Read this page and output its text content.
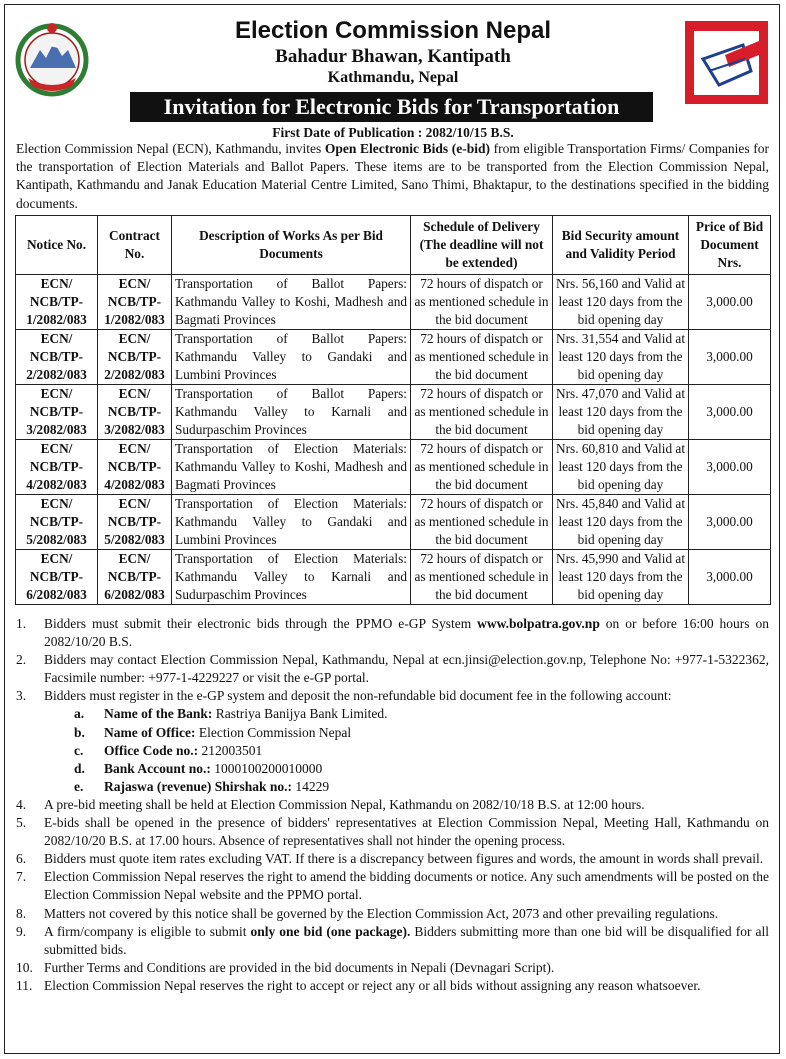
Election Commission Nepal
Bahadur Bhawan, Kantipath
Kathmandu, Nepal
Invitation for Electronic Bids for Transportation
First Date of Publication : 2082/10/15 B.S.

Election Commission Nepal (ECN), Kathmandu, invites Open Electronic Bids (e-bid) from eligible Transportation Firms/ Companies for the transportation of Election Materials and Ballot Papers. These items are to be transported from the Election Commission Nepal, Kantipath, Kathmandu and Janak Education Material Centre Limited, Sano Thimi, Bhaktapur, to the destinations specified in the bidding documents.

Notice No.	Contract No.	Description of Works As per Bid Documents	Schedule of Delivery (The deadline will not be extended)	Bid Security amount and Validity Period	Price of Bid Document Nrs.
ECN/ NCB/TP- 1/2082/083	ECN/ NCB/TP- 1/2082/083	Transportation of Ballot Papers: Kathmandu Valley to Koshi, Madhesh and Bagmati Provinces	72 hours of dispatch or as mentioned schedule in the bid document	Nrs. 56,160 and Valid at least 120 days from the bid opening day	3,000.00
ECN/ NCB/TP- 2/2082/083	ECN/ NCB/TP- 2/2082/083	Transportation of Ballot Papers: Kathmandu Valley to Gandaki and Lumbini Provinces	72 hours of dispatch or as mentioned schedule in the bid document	Nrs. 31,554 and Valid at least 120 days from the bid opening day	3,000.00
ECN/ NCB/TP- 3/2082/083	ECN/ NCB/TP- 3/2082/083	Transportation of Ballot Papers: Kathmandu Valley to Karnali and Sudurpaschim Provinces	72 hours of dispatch or as mentioned schedule in the bid document	Nrs. 47,070 and Valid at least 120 days from the bid opening day	3,000.00
ECN/ NCB/TP- 4/2082/083	ECN/ NCB/TP- 4/2082/083	Transportation of Election Materials: Kathmandu Valley to Koshi, Madhesh and Bagmati Provinces	72 hours of dispatch or as mentioned schedule in the bid document	Nrs. 60,810 and Valid at least 120 days from the bid opening day	3,000.00
ECN/ NCB/TP- 5/2082/083	ECN/ NCB/TP- 5/2082/083	Transportation of Election Materials: Kathmandu Valley to Gandaki and Lumbini Provinces	72 hours of dispatch or as mentioned schedule in the bid document	Nrs. 45,840 and Valid at least 120 days from the bid opening day	3,000.00
ECN/ NCB/TP- 6/2082/083	ECN/ NCB/TP- 6/2082/083	Transportation of Election Materials: Kathmandu Valley to Karnali and Sudurpaschim Provinces	72 hours of dispatch or as mentioned schedule in the bid document	Nrs. 45,990 and Valid at least 120 days from the bid opening day	3,000.00
1. Bidders must submit their electronic bids through the PPMO e-GP System www.bolpatra.gov.np on or before 16:00 hours on 2082/10/20 B.S.
2. Bidders may contact Election Commission Nepal, Kathmandu, Nepal at ecn.jinsi@election.gov.np, Telephone No: +977-1-5322362, Facsimile number: +977-1-4229227 or visit the e-GP portal.
3. Bidders must register in the e-GP system and deposit the non-refundable bid document fee in the following account:
a. Name of the Bank: Rastriya Banijya Bank Limited.
b. Name of Office: Election Commission Nepal
c. Office Code no.: 212003501
d. Bank Account no.: 1000100200010000
e. Rajaswa (revenue) Shirshak no.: 14229
4. A pre-bid meeting shall be held at Election Commission Nepal, Kathmandu on 2082/10/18 B.S. at 12:00 hours.
5. E-bids shall be opened in the presence of bidders' representatives at Election Commission Nepal, Meeting Hall, Kathmandu on 2082/10/20 B.S. at 17.00 hours. Absence of representatives shall not hinder the opening process.
6. Bidders must quote item rates excluding VAT. If there is a discrepancy between figures and words, the amount in words shall prevail.
7. Election Commission Nepal reserves the right to amend the bidding documents or notice. Any such amendments will be posted on the Election Commission Nepal website and the PPMO portal.
8. Matters not covered by this notice shall be governed by the Election Commission Act, 2073 and other prevailing regulations.
9. A firm/company is eligible to submit only one bid (one package). Bidders submitting more than one bid will be disqualified for all submitted bids.
10. Further Terms and Conditions are provided in the bid documents in Nepali (Devnagari Script).
11. Election Commission Nepal reserves the right to accept or reject any or all bids without assigning any reason whatsoever.
